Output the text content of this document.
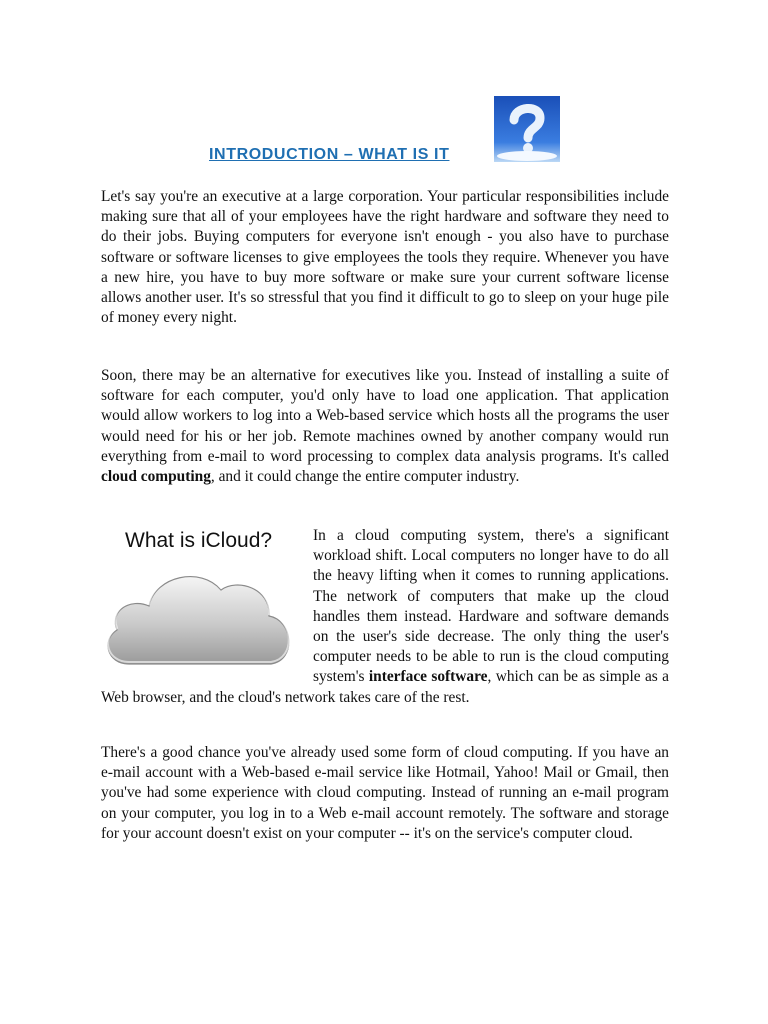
INTRODUCTION – WHAT IS IT

Let's say you're an executive at a large corporation. Your particular responsibilities include making sure that all of your employees have the right hardware and software they need to do their jobs. Buying computers for everyone isn't enough - you also have to purchase software or software licenses to give employees the tools they require. Whenever you have a new hire, you have to buy more software or make sure your current software license allows another user. It's so stressful that you find it difficult to go to sleep on your huge pile of money every night.

Soon, there may be an alternative for executives like you. Instead of installing a suite of software for each computer, you'd only have to load one application. That application would allow workers to log into a Web-based service which hosts all the programs the user would need for his or her job. Remote machines owned by another company would run everything from e-mail to word processing to complex data analysis programs. It's called cloud computing, and it could change the entire computer industry.

What is iCloud?	In a cloud computing system, there's a significant workload shift. Local computers no longer have to do all the heavy lifting when it comes to running applications. The network of computers that make up the cloud handles them instead. Hardware and software demands on the user's side decrease. The only thing the user's computer needs to be able to run is the cloud computing system's interface software, which can be as simple as a Web browser, and the cloud's network takes care of the rest.

There's a good chance you've already used some form of cloud computing. If you have an e-mail account with a Web-based e-mail service like Hotmail, Yahoo! Mail or Gmail, then you've had some experience with cloud computing. Instead of running an e-mail program on your computer, you log in to a Web e-mail account remotely. The software and storage for your account doesn't exist on your computer -- it's on the service's computer cloud.
